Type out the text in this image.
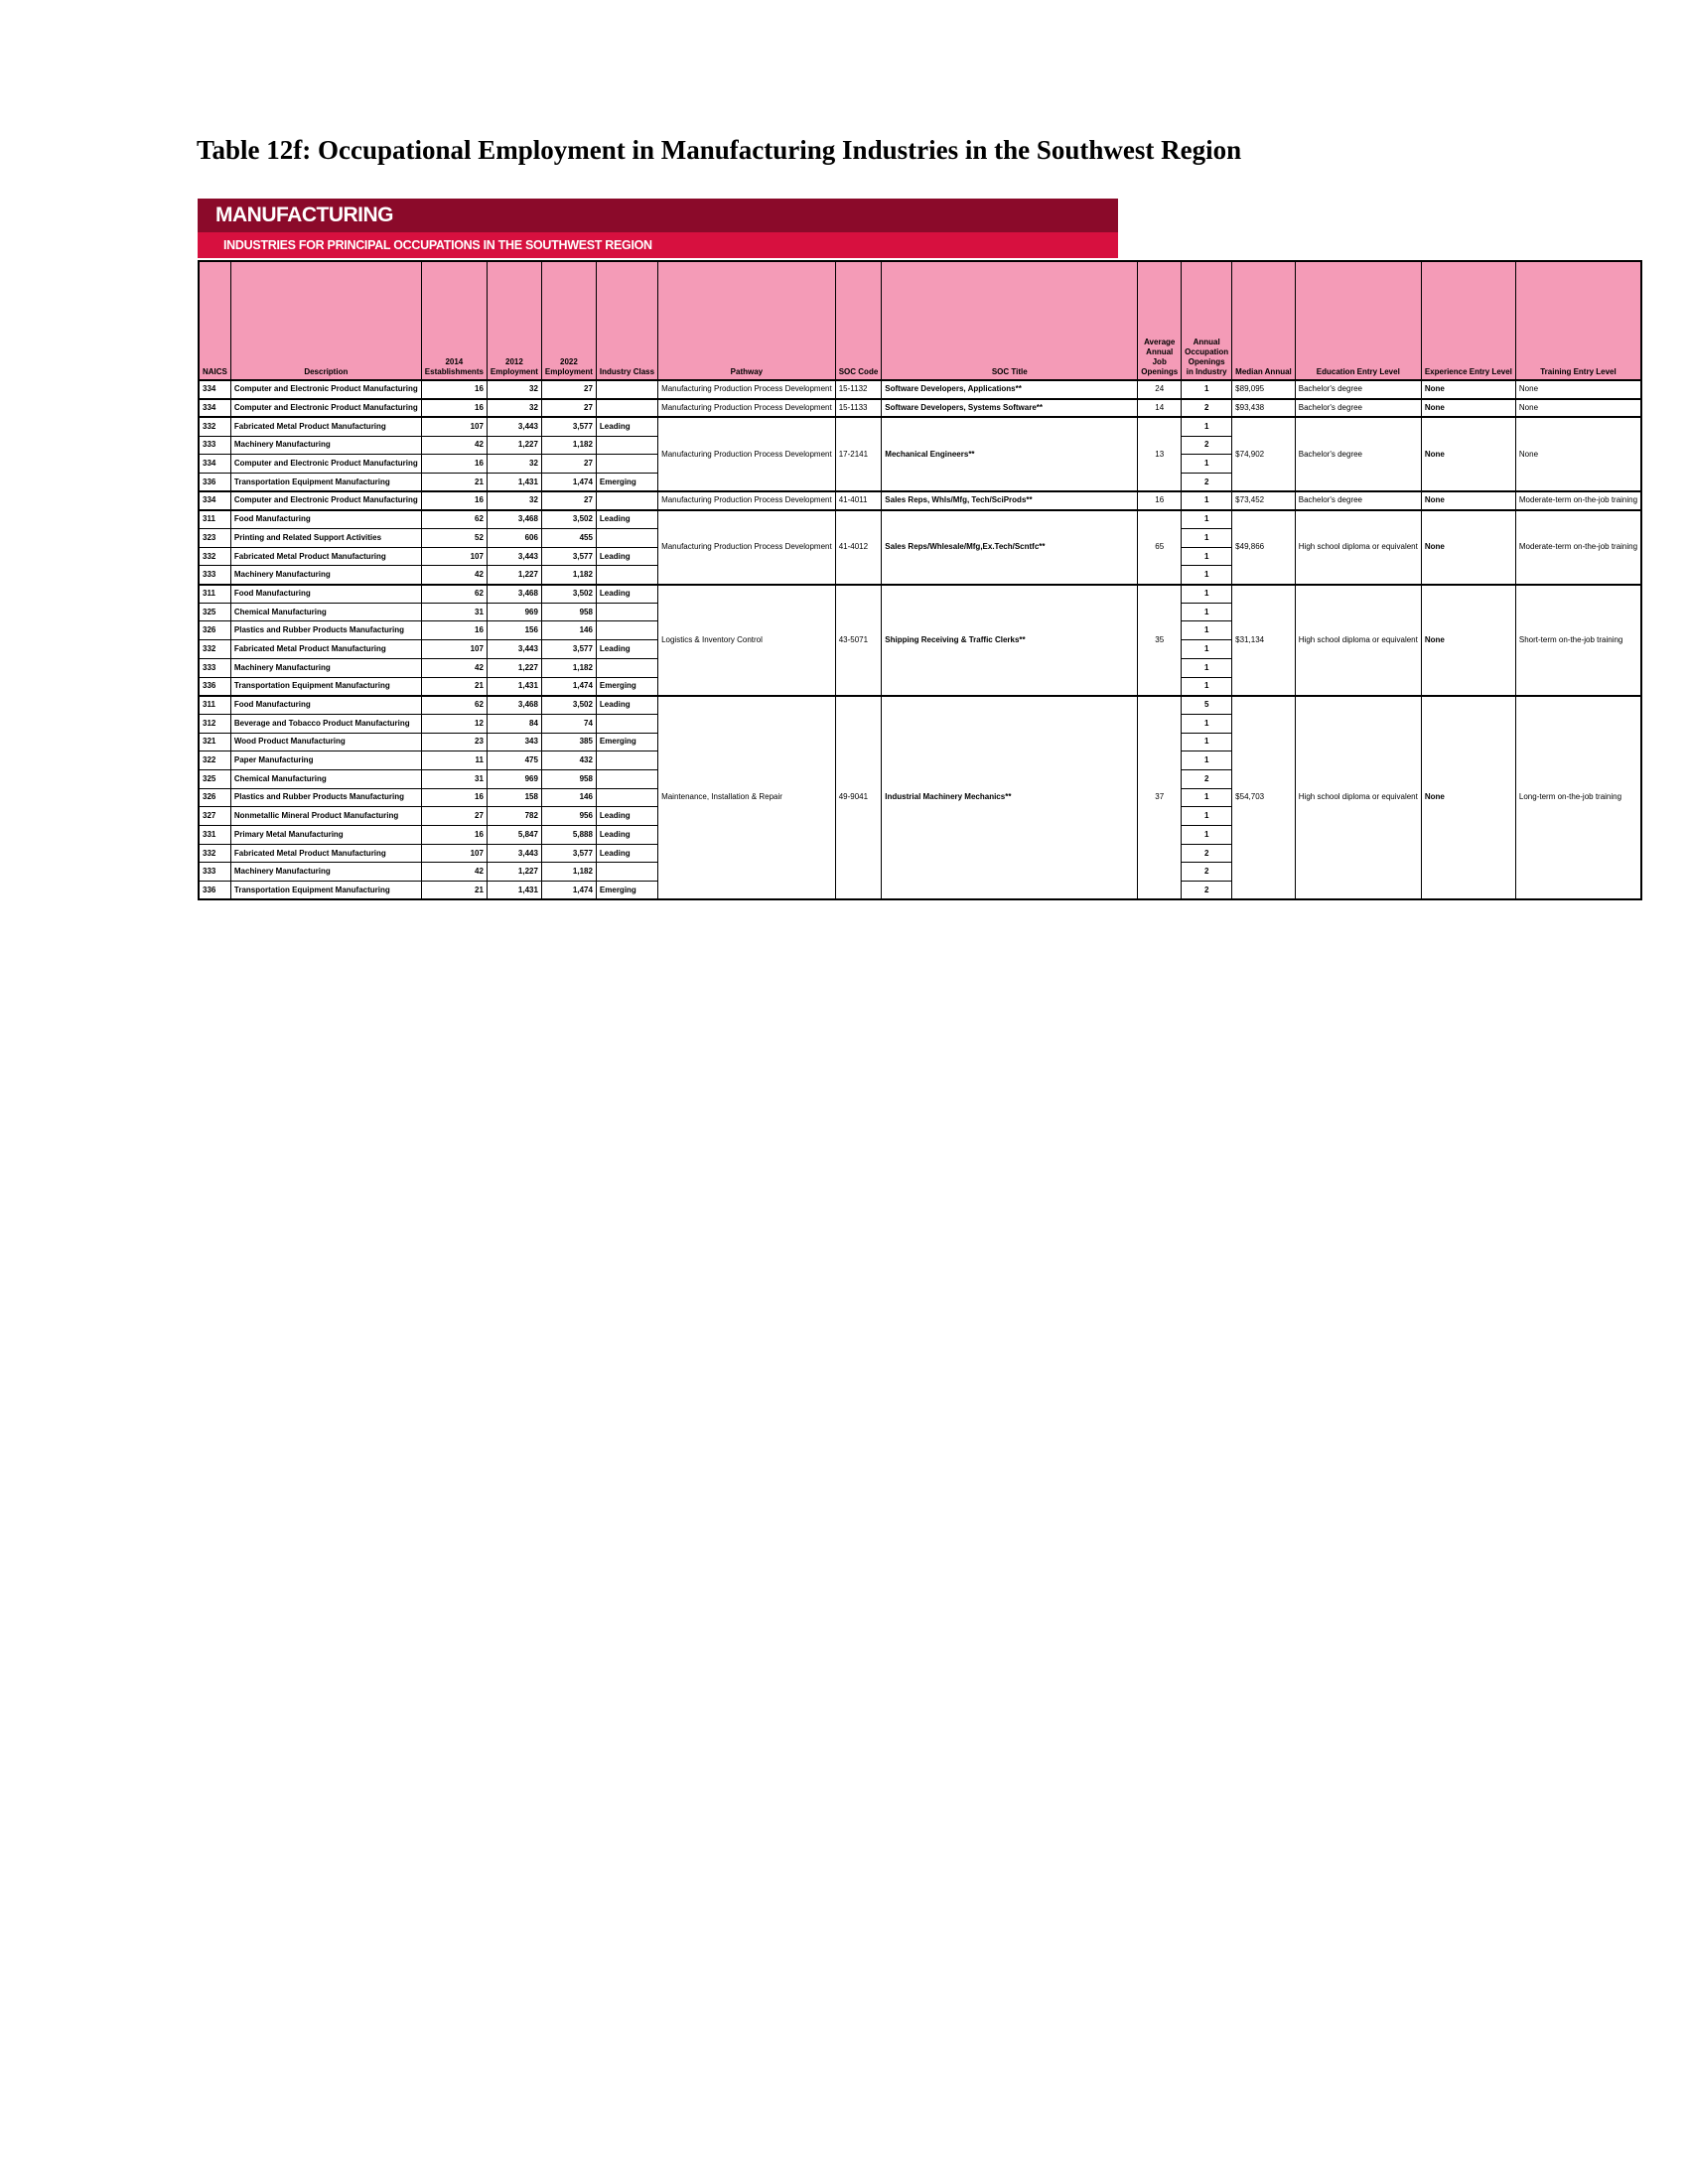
Table 12f: Occupational Employment in Manufacturing Industries in the Southwest Region
MANUFACTURING
INDUSTRIES FOR PRINCIPAL OCCUPATIONS IN THE SOUTHWEST REGION
NAICS	Description	2014 Establishments	2012 Employment	2022 Employment	Industry Class	Pathway	SOC Code	SOC Title	Average Annual Job Openings	Annual Occupation Openings in Industry	Median Annual	Education Entry Level	Experience Entry Level	Training Entry Level
334	Computer and Electronic Product Manufacturing	16	32	27		Manufacturing Production Process Development	15-1132	Software Developers, Applications**	24	1	$89,095	Bachelor's degree	None	None
334	Computer and Electronic Product Manufacturing	16	32	27		Manufacturing Production Process Development	15-1133	Software Developers, Systems Software**	14	2	$93,438	Bachelor's degree	None	None
332	Fabricated Metal Product Manufacturing	107	3,443	3,577	Leading	Manufacturing Production Process Development	17-2141	Mechanical Engineers**	13	1	$74,902	Bachelor's degree	None	None
333	Machinery Manufacturing	42	1,227	1,182						2				
334	Computer and Electronic Product Manufacturing	16	32	27						1				
336	Transportation Equipment Manufacturing	21	1,431	1,474	Emerging					2				
334	Computer and Electronic Product Manufacturing	16	32	27		Manufacturing Production Process Development	41-4011	Sales Reps, Whls/Mfg, Tech/SciProds**	16	1	$73,452	Bachelor's degree	None	Moderate-term on-the-job training
311	Food Manufacturing	62	3,468	3,502	Leading	Manufacturing Production Process Development	41-4012	Sales Reps/Whlesale/Mfg,Ex.Tech/Scntfc**	65	1	$49,866	High school diploma or equivalent	None	Moderate-term on-the-job training
323	Printing and Related Support Activities	52	606	455						1				
332	Fabricated Metal Product Manufacturing	107	3,443	3,577	Leading					1				
333	Machinery Manufacturing	42	1,227	1,182						1				
311	Food Manufacturing	62	3,468	3,502	Leading	Logistics & Inventory Control	43-5071	Shipping Receiving & Traffic Clerks**	35	1	$31,134	High school diploma or equivalent	None	Short-term on-the-job training
325	Chemical Manufacturing	31	969	958						1				
326	Plastics and Rubber Products Manufacturing	16	156	146						1				
332	Fabricated Metal Product Manufacturing	107	3,443	3,577	Leading					1				
333	Machinery Manufacturing	42	1,227	1,182						1				
336	Transportation Equipment Manufacturing	21	1,431	1,474	Emerging					1				
311	Food Manufacturing	62	3,468	3,502	Leading	Maintenance, Installation & Repair	49-9041	Industrial Machinery Mechanics**	37	5	$54,703	High school diploma or equivalent	None	Long-term on-the-job training
312	Beverage and Tobacco Product Manufacturing	12	84	74						1				
321	Wood Product Manufacturing	23	343	385	Emerging					1				
322	Paper Manufacturing	11	475	432						1				
325	Chemical Manufacturing	31	969	958						2				
326	Plastics and Rubber Products Manufacturing	16	158	146						1				
327	Nonmetallic Mineral Product Manufacturing	27	782	956	Leading					1				
331	Primary Metal Manufacturing	16	5,847	5,888	Leading					1				
332	Fabricated Metal Product Manufacturing	107	3,443	3,577	Leading					2				
333	Machinery Manufacturing	42	1,227	1,182						2				
336	Transportation Equipment Manufacturing	21	1,431	1,474	Emerging					2				
